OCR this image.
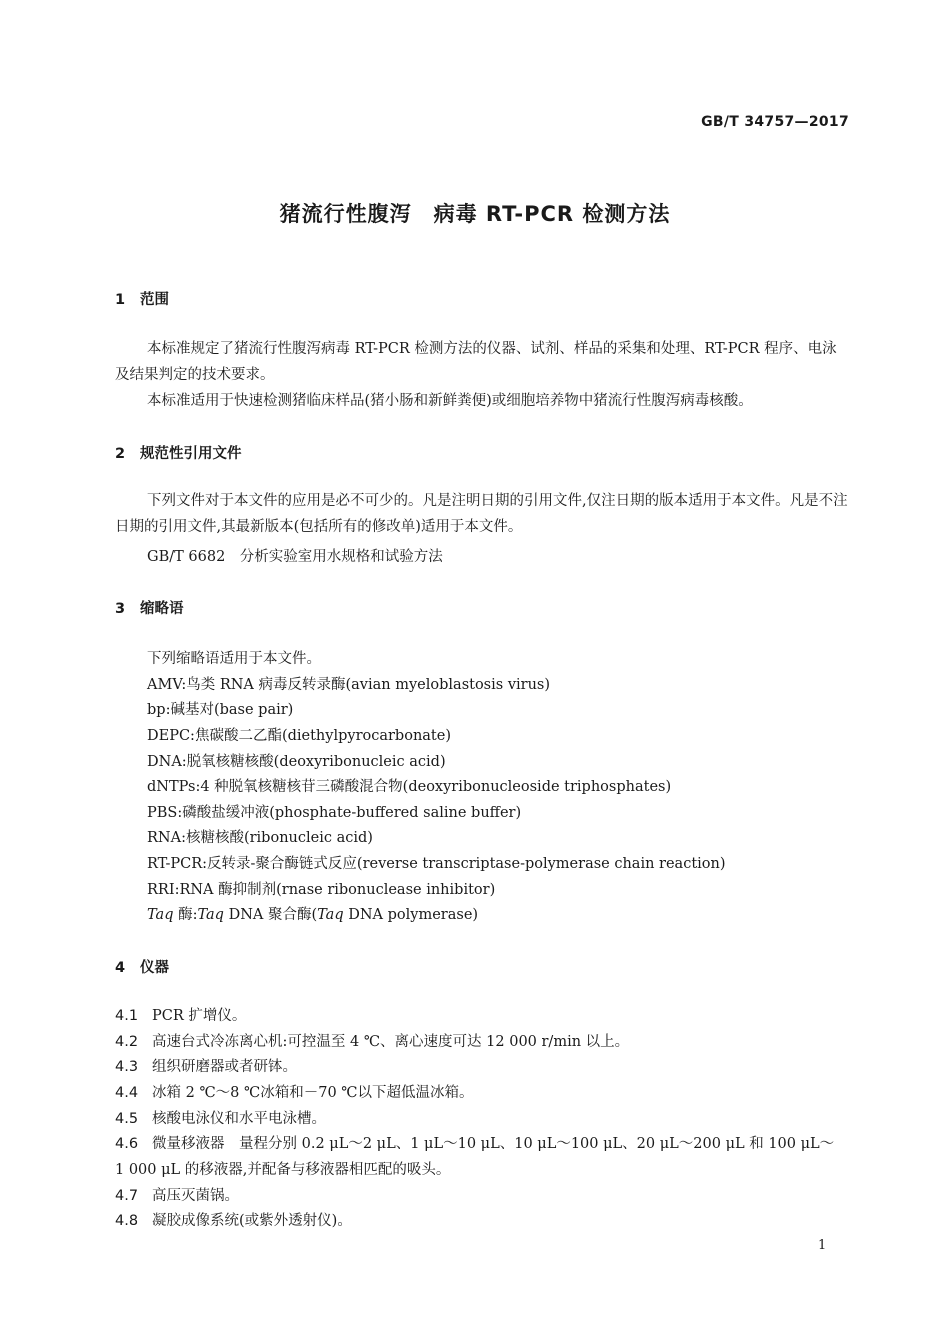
GB/T 34757—2017
猪流行性腹泻　病毒 RT-PCR 检测方法
1 范围
本标准规定了猪流行性腹泻病毒 RT-PCR 检测方法的仪器、试剂、样品的采集和处理、RT-PCR 程序、电泳及结果判定的技术要求。
本标准适用于快速检测猪临床样品(猪小肠和新鲜粪便)或细胞培养物中猪流行性腹泻病毒核酸。
2 规范性引用文件
下列文件对于本文件的应用是必不可少的。凡是注明日期的引用文件,仅注日期的版本适用于本文件。凡是不注日期的引用文件,其最新版本(包括所有的修改单)适用于本文件。
GB/T 6682　分析实验室用水规格和试验方法
3 缩略语
下列缩略语适用于本文件。
AMV:鸟类 RNA 病毒反转录酶(avian myeloblastosis virus)
bp:碱基对(base pair)
DEPC:焦碳酸二乙酯(diethylpyrocarbonate)
DNA:脱氧核糖核酸(deoxyribonucleic acid)
dNTPs:4 种脱氧核糖核苷三磷酸混合物(deoxyribonucleoside triphosphates)
PBS:磷酸盐缓冲液(phosphate-buffered saline buffer)
RNA:核糖核酸(ribonucleic acid)
RT-PCR:反转录-聚合酶链式反应(reverse transcriptase-polymerase chain reaction)
RRI:RNA 酶抑制剂(rnase ribonuclease inhibitor)
Taq 酶:Taq DNA 聚合酶(Taq DNA polymerase)
4 仪器
4.1 PCR 扩增仪。
4.2 高速台式冷冻离心机:可控温至 4 ℃、离心速度可达 12 000 r/min 以上。
4.3 组织研磨器或者研钵。
4.4 冰箱 2 ℃～8 ℃冰箱和－70 ℃以下超低温冰箱。
4.5 核酸电泳仪和水平电泳槽。
4.6 微量移液器　量程分别 0.2 μL～2 μL、1 μL～10 μL、10 μL～100 μL、20 μL～200 μL 和 100 μL～
1 000 μL 的移液器,并配备与移液器相匹配的吸头。
4.7 高压灭菌锅。
4.8 凝胶成像系统(或紫外透射仪)。
1
